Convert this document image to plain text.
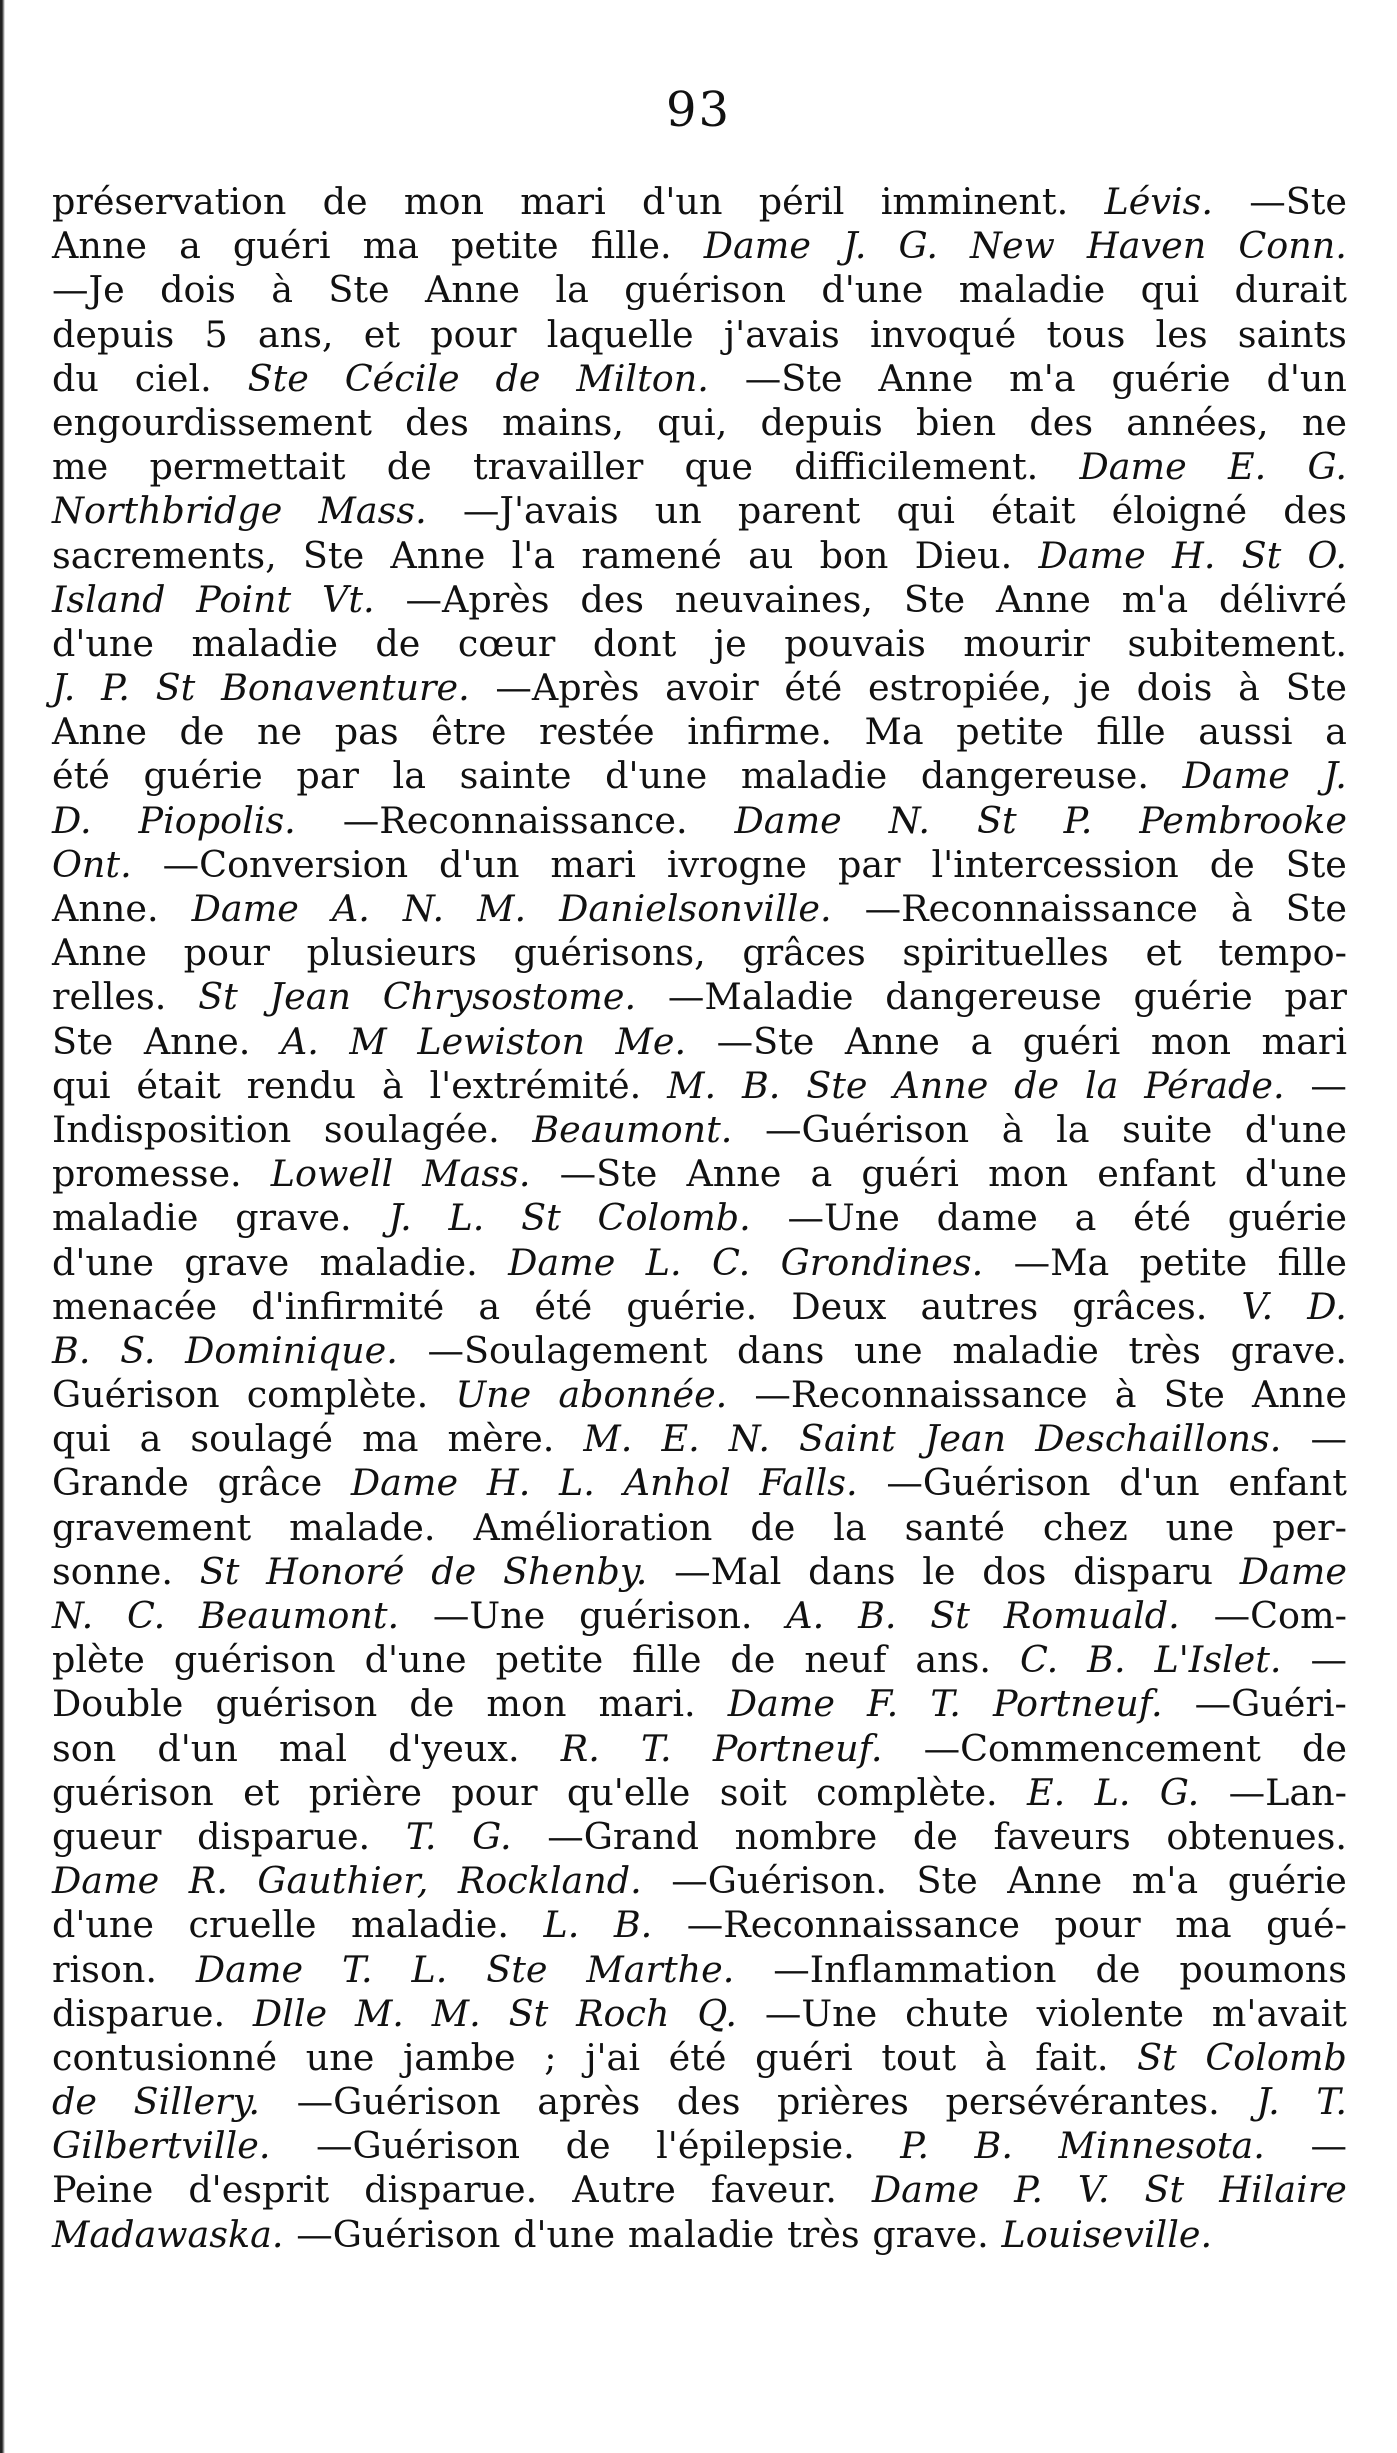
93
préservation de mon mari d'un péril imminent. Lévis. —Ste
Anne a guéri ma petite fille. Dame J. G. New Haven Conn.
—Je dois à Ste Anne la guérison d'une maladie qui durait
depuis 5 ans, et pour laquelle j'avais invoqué tous les saints
du ciel. Ste Cécile de Milton. —Ste Anne m'a guérie d'un
engourdissement des mains, qui, depuis bien des années, ne
me permettait de travailler que difficilement. Dame E. G.
Northbridge Mass. —J'avais un parent qui était éloigné des
sacrements, Ste Anne l'a ramené au bon Dieu. Dame H. St O.
Island Point Vt. —Après des neuvaines, Ste Anne m'a délivré
d'une maladie de cœur dont je pouvais mourir subitement.
J. P. St Bonaventure. —Après avoir été estropiée, je dois à Ste
Anne de ne pas être restée infirme. Ma petite fille aussi a
été guérie par la sainte d'une maladie dangereuse. Dame J.
D. Piopolis. —Reconnaissance. Dame N. St P. Pembrooke
Ont. —Conversion d'un mari ivrogne par l'intercession de Ste
Anne. Dame A. N. M. Danielsonville. —Reconnaissance à Ste
Anne pour plusieurs guérisons, grâces spirituelles et tempo-
relles. St Jean Chrysostome. —Maladie dangereuse guérie par
Ste Anne. A. M Lewiston Me. —Ste Anne a guéri mon mari
qui était rendu à l'extrémité. M. B. Ste Anne de la Pérade. —
Indisposition soulagée. Beaumont. —Guérison à la suite d'une
promesse. Lowell Mass. —Ste Anne a guéri mon enfant d'une
maladie grave. J. L. St Colomb. —Une dame a été guérie
d'une grave maladie. Dame L. C. Grondines. —Ma petite fille
menacée d'infirmité a été guérie. Deux autres grâces. V. D.
B. S. Dominique. —Soulagement dans une maladie très grave.
Guérison complète. Une abonnée. —Reconnaissance à Ste Anne
qui a soulagé ma mère. M. E. N. Saint Jean Deschaillons. —
Grande grâce Dame H. L. Anhol Falls. —Guérison d'un enfant
gravement malade. Amélioration de la santé chez une per-
sonne. St Honoré de Shenby. —Mal dans le dos disparu Dame
N. C. Beaumont. —Une guérison. A. B. St Romuald. —Com-
plète guérison d'une petite fille de neuf ans. C. B. L'Islet. —
Double guérison de mon mari. Dame F. T. Portneuf. —Guéri-
son d'un mal d'yeux. R. T. Portneuf. —Commencement de
guérison et prière pour qu'elle soit complète. E. L. G. —Lan-
gueur disparue. T. G. —Grand nombre de faveurs obtenues.
Dame R. Gauthier, Rockland. —Guérison. Ste Anne m'a guérie
d'une cruelle maladie. L. B. —Reconnaissance pour ma gué-
rison. Dame T. L. Ste Marthe. —Inflammation de poumons
disparue. Dlle M. M. St Roch Q. —Une chute violente m'avait
contusionné une jambe ; j'ai été guéri tout à fait. St Colomb
de Sillery. —Guérison après des prières persévérantes. J. T.
Gilbertville. —Guérison de l'épilepsie. P. B. Minnesota. —
Peine d'esprit disparue. Autre faveur. Dame P. V. St Hilaire
Madawaska. —Guérison d'une maladie très grave. Louiseville.
